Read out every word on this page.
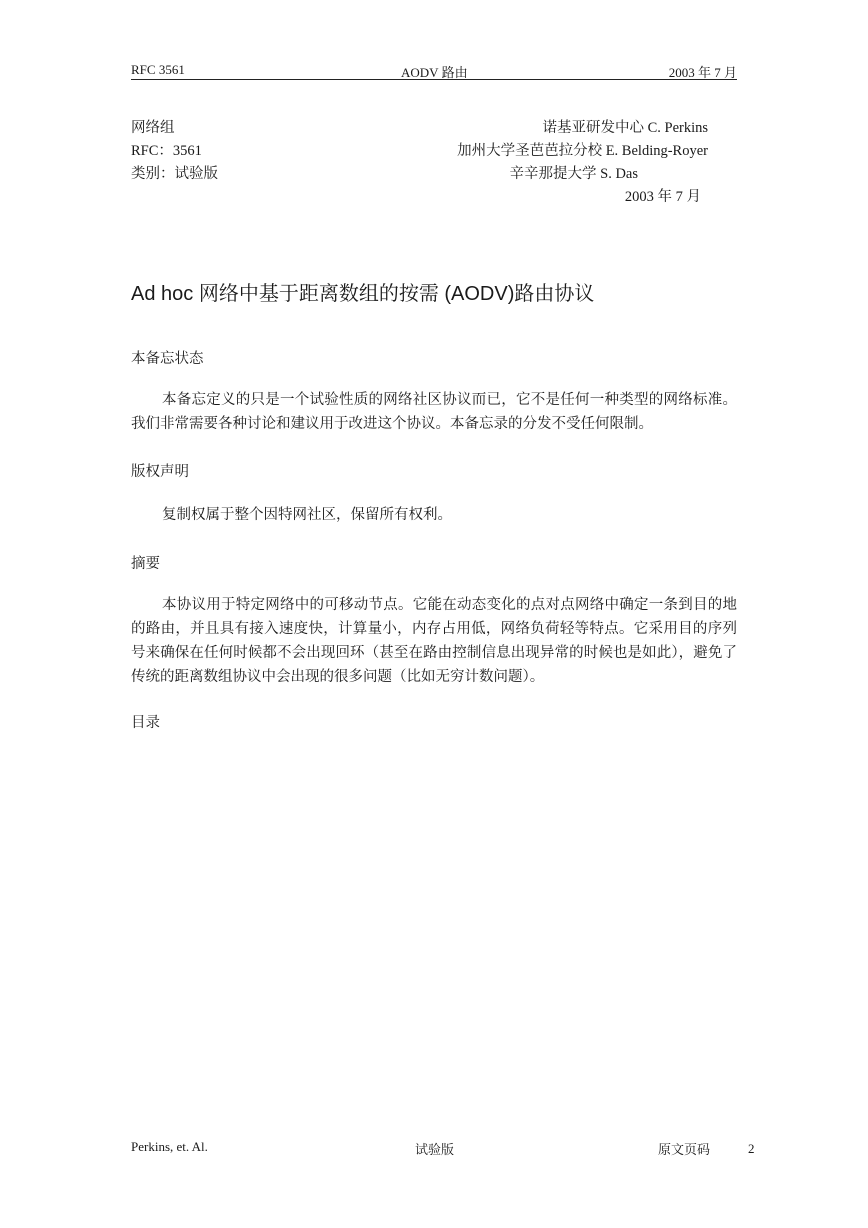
RFC 3561	AODV 路由	2003 年 7 月
网络组
RFC：3561
类别：试验版
诺基亚研发中心 C. Perkins
加州大学圣芭芭拉分校 E. Belding-Royer
辛辛那提大学 S. Das
2003 年 7 月
Ad hoc 网络中基于距离数组的按需 (AODV)路由协议
本备忘状态
本备忘定义的只是一个试验性质的网络社区协议而已，它不是任何一种类型的网络标准。我们非常需要各种讨论和建议用于改进这个协议。本备忘录的分发不受任何限制。
版权声明
复制权属于整个因特网社区，保留所有权利。
摘要
本协议用于特定网络中的可移动节点。它能在动态变化的点对点网络中确定一条到目的地的路由，并且具有接入速度快，计算量小，内存占用低，网络负荷轻等特点。它采用目的序列号来确保在任何时候都不会出现回环（甚至在路由控制信息出现异常的时候也是如此），避免了传统的距离数组协议中会出现的很多问题（比如无穷计数问题）。
目录
Perkins, et. Al.	试验版	原文页码	2
